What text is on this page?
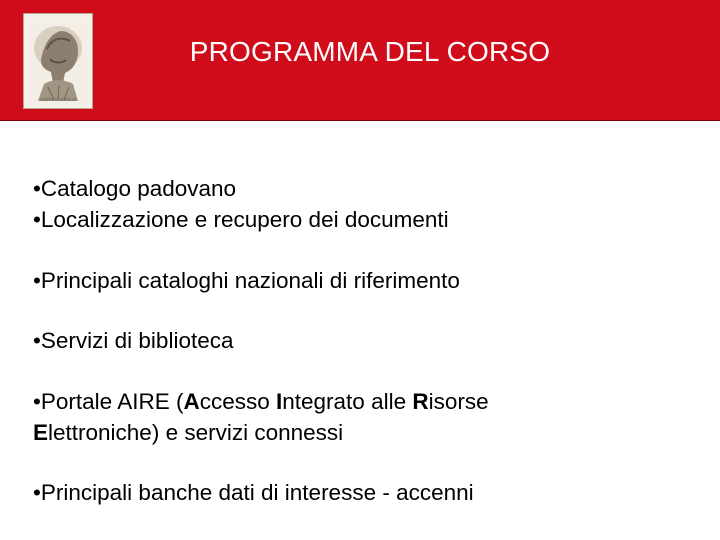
ANDREA VESALIO
PROGRAMMA DEL CORSO
•Catalogo padovano
•Localizzazione e recupero dei documenti
•Principali cataloghi nazionali di riferimento
•Servizi di biblioteca
•Portale AIRE (Accesso Integrato alle Risorse
Elettroniche) e servizi connessi
•Principali banche dati di interesse - accenni
